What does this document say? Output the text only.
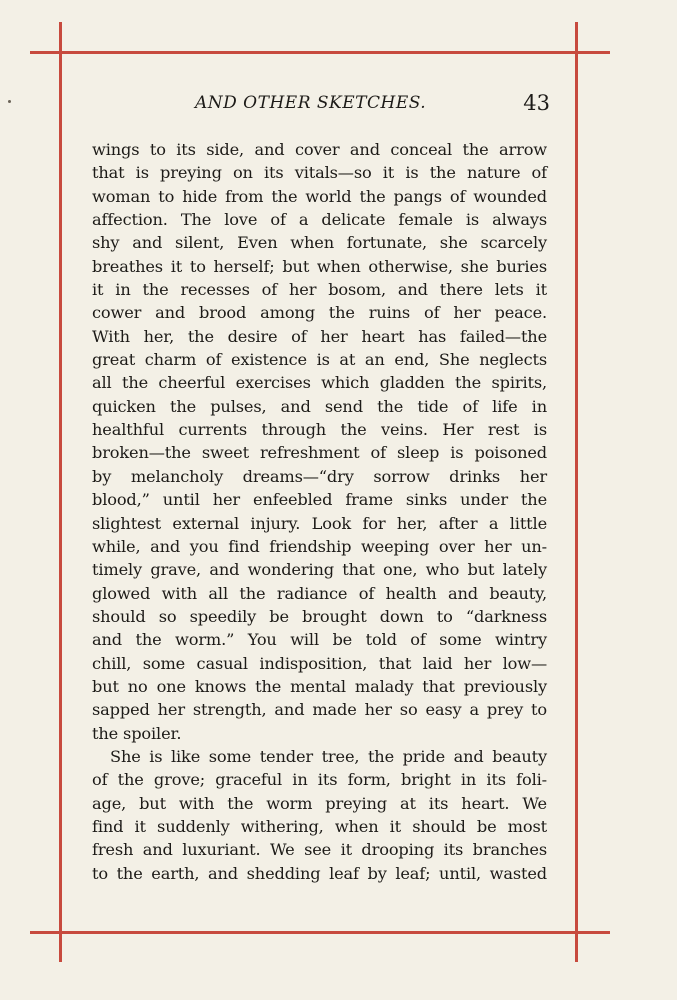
AND OTHER SKETCHES.	43
wings to its side, and cover and conceal the arrow
that is preying on its vitals—so it is the nature of
woman to hide from the world the pangs of wounded
affection. The love of a delicate female is always
shy and silent, Even when fortunate, she scarcely
breathes it to herself; but when otherwise, she buries
it in the recesses of her bosom, and there lets it
cower and brood among the ruins of her peace.
With her, the desire of her heart has failed—the
great charm of existence is at an end, She neglects
all the cheerful exercises which gladden the spirits,
quicken the pulses, and send the tide of life in
healthful currents through the veins. Her rest is
broken—the sweet refreshment of sleep is poisoned
by melancholy dreams—“dry sorrow drinks her
blood,” until her enfeebled frame sinks under the
slightest external injury. Look for her, after a little
while, and you find friendship weeping over her un-
timely grave, and wondering that one, who but lately
glowed with all the radiance of health and beauty,
should so speedily be brought down to “darkness
and the worm.” You will be told of some wintry
chill, some casual indisposition, that laid her low—
but no one knows the mental malady that previously
sapped her strength, and made her so easy a prey to
the spoiler.
She is like some tender tree, the pride and beauty
of the grove; graceful in its form, bright in its foli-
age, but with the worm preying at its heart. We
find it suddenly withering, when it should be most
fresh and luxuriant. We see it drooping its branches
to the earth, and shedding leaf by leaf; until, wasted
